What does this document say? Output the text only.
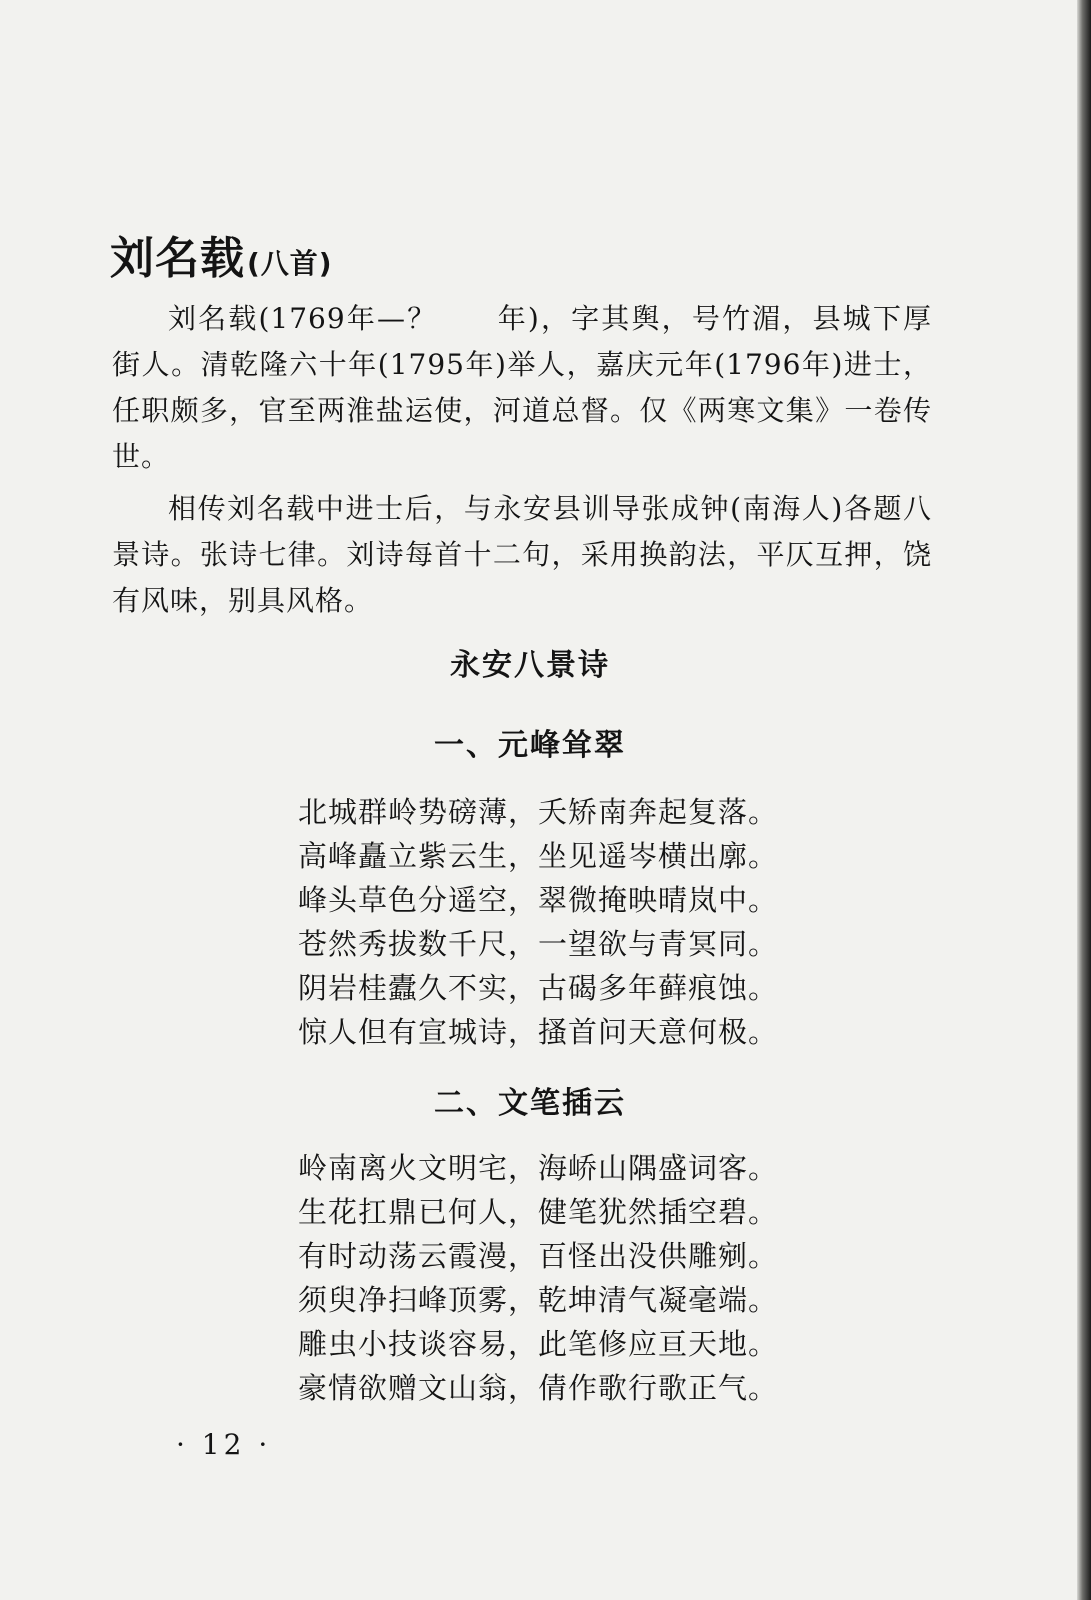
刘名载(八首)

刘名载(1769年—？　　年)，字其舆，号竹湄，县城下厚街人。清乾隆六十年(1795年)举人，嘉庆元年(1796年)进士，任职颇多，官至两淮盐运使，河道总督。仅《两寒文集》一卷传世。

相传刘名载中进士后，与永安县训导张成钟(南海人)各题八景诗。张诗七律。刘诗每首十二句，采用换韵法，平仄互押，饶有风味，别具风格。

永安八景诗
一、元峰耸翠
北城群岭势磅薄，夭矫南奔起复落。
高峰矗立紫云生，坐见遥岑横出廓。
峰头草色分遥空，翠微掩映晴岚中。
苍然秀拔数千尺，一望欲与青冥同。
阴岩桂蠹久不实，古碣多年藓痕蚀。
惊人但有宣城诗，搔首问天意何极。
二、文笔插云
岭南离火文明宅，海峤山隅盛词客。
生花扛鼎已何人，健笔犹然插空碧。
有时动荡云霞漫，百怪出没供雕剜。
须臾净扫峰顶雾，乾坤清气凝毫端。
雕虫小技谈容易，此笔修应亘天地。
豪情欲赠文山翁，倩作歌行歌正气。
· 12 ·
